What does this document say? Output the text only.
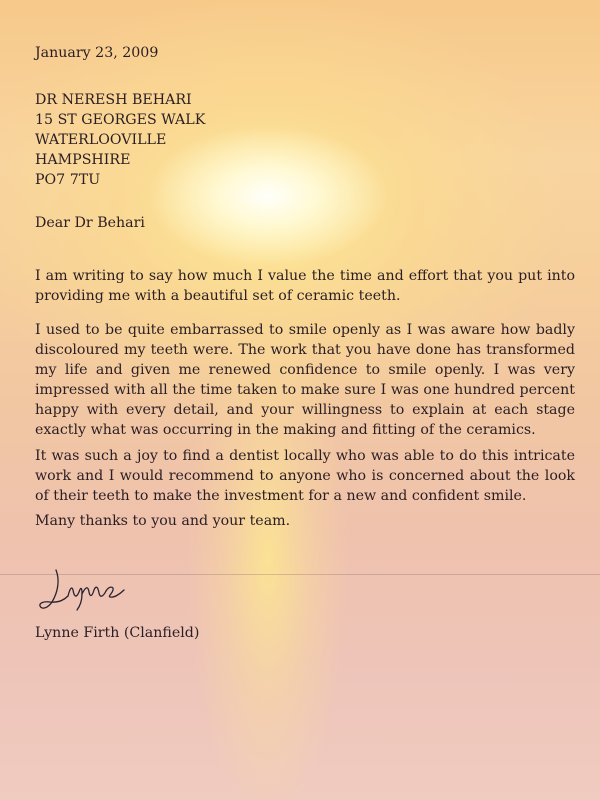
January 23, 2009

DR NERESH BEHARI
15 ST GEORGES WALK
WATERLOOVILLE
HAMPSHIRE
PO7 7TU

Dear Dr Behari

I am writing to say how much I value the time and effort that you put into providing me with a beautiful set of ceramic teeth.

I used to be quite embarrassed to smile openly as I was aware how badly discoloured my teeth were. The work that you have done has transformed my life and given me renewed confidence to smile openly. I was very impressed with all the time taken to make sure I was one hundred percent happy with every detail, and your willingness to explain at each stage exactly what was occurring in the making and fitting of the ceramics.

It was such a joy to find a dentist locally who was able to do this intricate work and I would recommend to anyone who is concerned about the look of their teeth to make the investment for a new and confident smile.

Many thanks to you and your team.

Lynne Firth (Clanfield)
